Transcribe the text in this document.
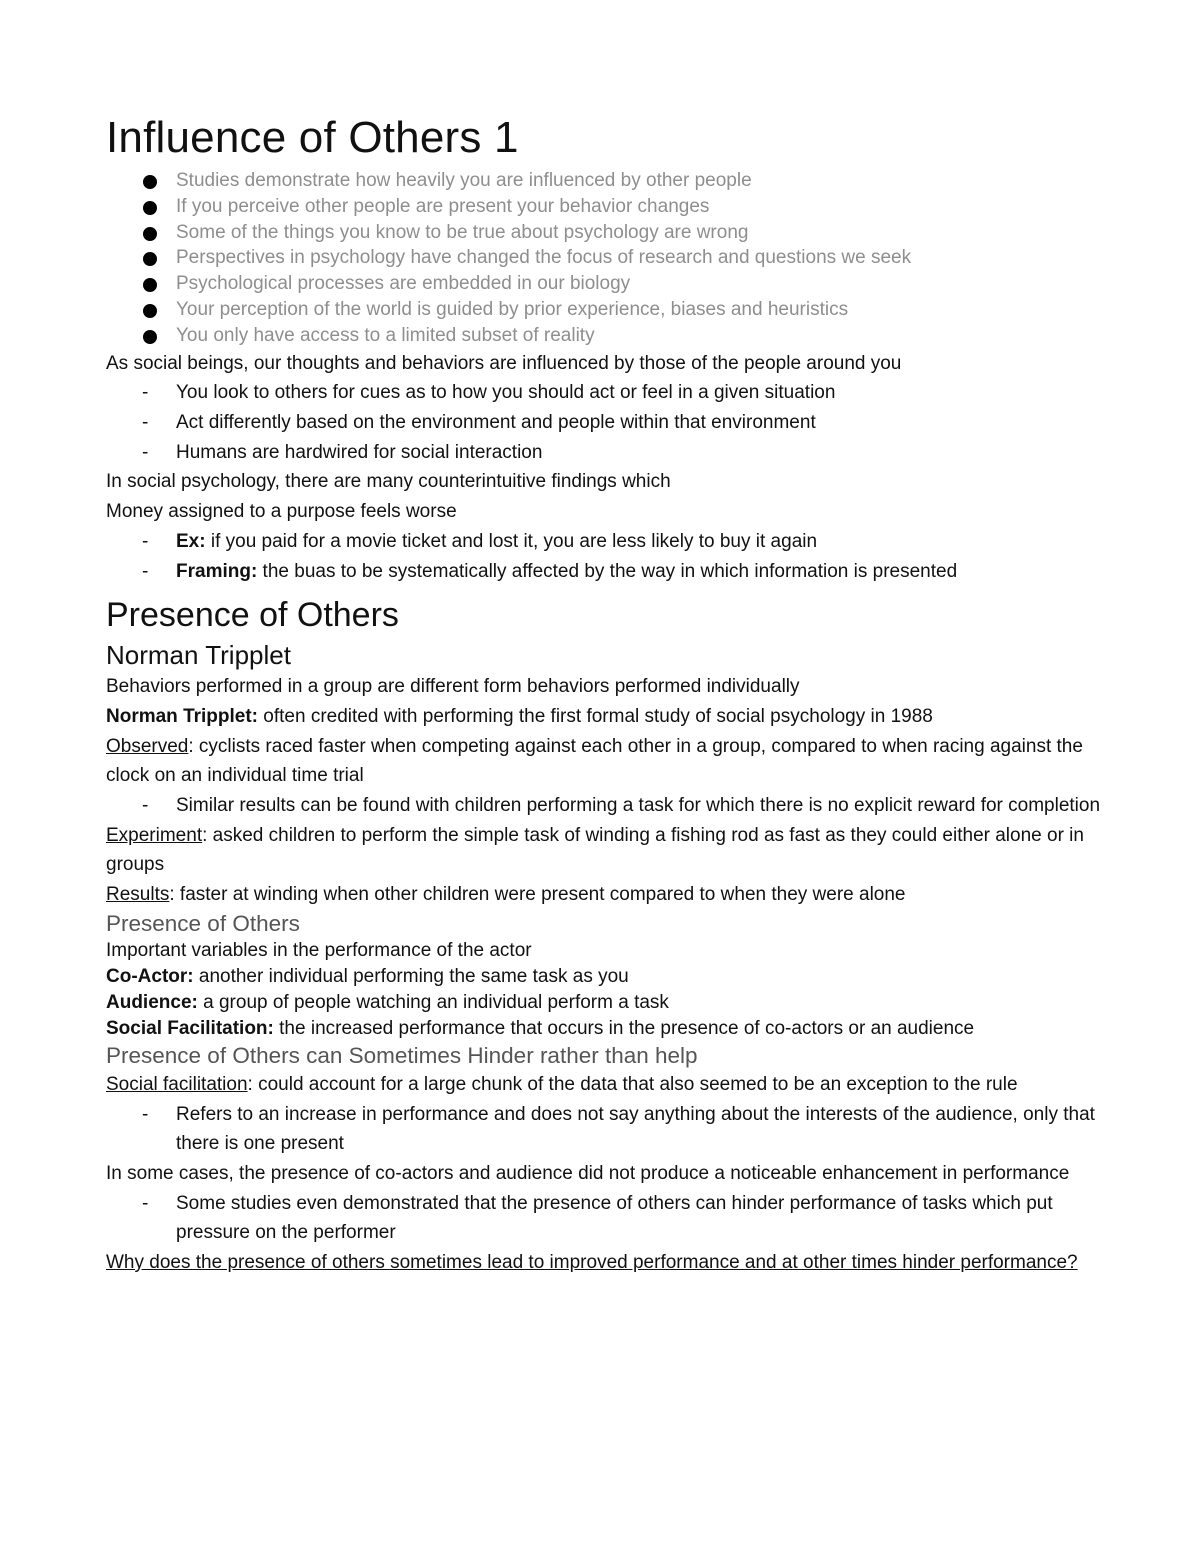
Influence of Others 1
Studies demonstrate how heavily you are influenced by other people
If you perceive other people are present your behavior changes
Some of the things you know to be true about psychology are wrong
Perspectives in psychology have changed the focus of research and questions we seek
Psychological processes are embedded in our biology
Your perception of the world is guided by prior experience, biases and heuristics
You only have access to a limited subset of reality

As social beings, our thoughts and behaviors are influenced by those of the people around you

- You look to others for cues as to how you should act or feel in a given situation
- Act differently based on the environment and people within that environment
- Humans are hardwired for social interaction

In social psychology, there are many counterintuitive findings which

Money assigned to a purpose feels worse

- Ex: if you paid for a movie ticket and lost it, you are less likely to buy it again
- Framing: the buas to be systematically affected by the way in which information is presented
Presence of Others
Norman Tripplet

Behaviors performed in a group are different form behaviors performed individually

Norman Tripplet: often credited with performing the first formal study of social psychology in 1988

Observed: cyclists raced faster when competing against each other in a group, compared to when racing against the clock on an individual time trial

- Similar results can be found with children performing a task for which there is no explicit reward for completion

Experiment: asked children to perform the simple task of winding a fishing rod as fast as they could either alone or in groups

Results: faster at winding when other children were present compared to when they were alone

Presence of Others

Important variables in the performance of the actor

Co-Actor: another individual performing the same task as you

Audience: a group of people watching an individual perform a task

Social Facilitation: the increased performance that occurs in the presence of co-actors or an audience

Presence of Others can Sometimes Hinder rather than help

Social facilitation: could account for a large chunk of the data that also seemed to be an exception to the rule

- Refers to an increase in performance and does not say anything about the interests of the audience, only that there is one present

In some cases, the presence of co-actors and audience did not produce a noticeable enhancement in performance

- Some studies even demonstrated that the presence of others can hinder performance of tasks which put pressure on the performer

Why does the presence of others sometimes lead to improved performance and at other times hinder performance?
